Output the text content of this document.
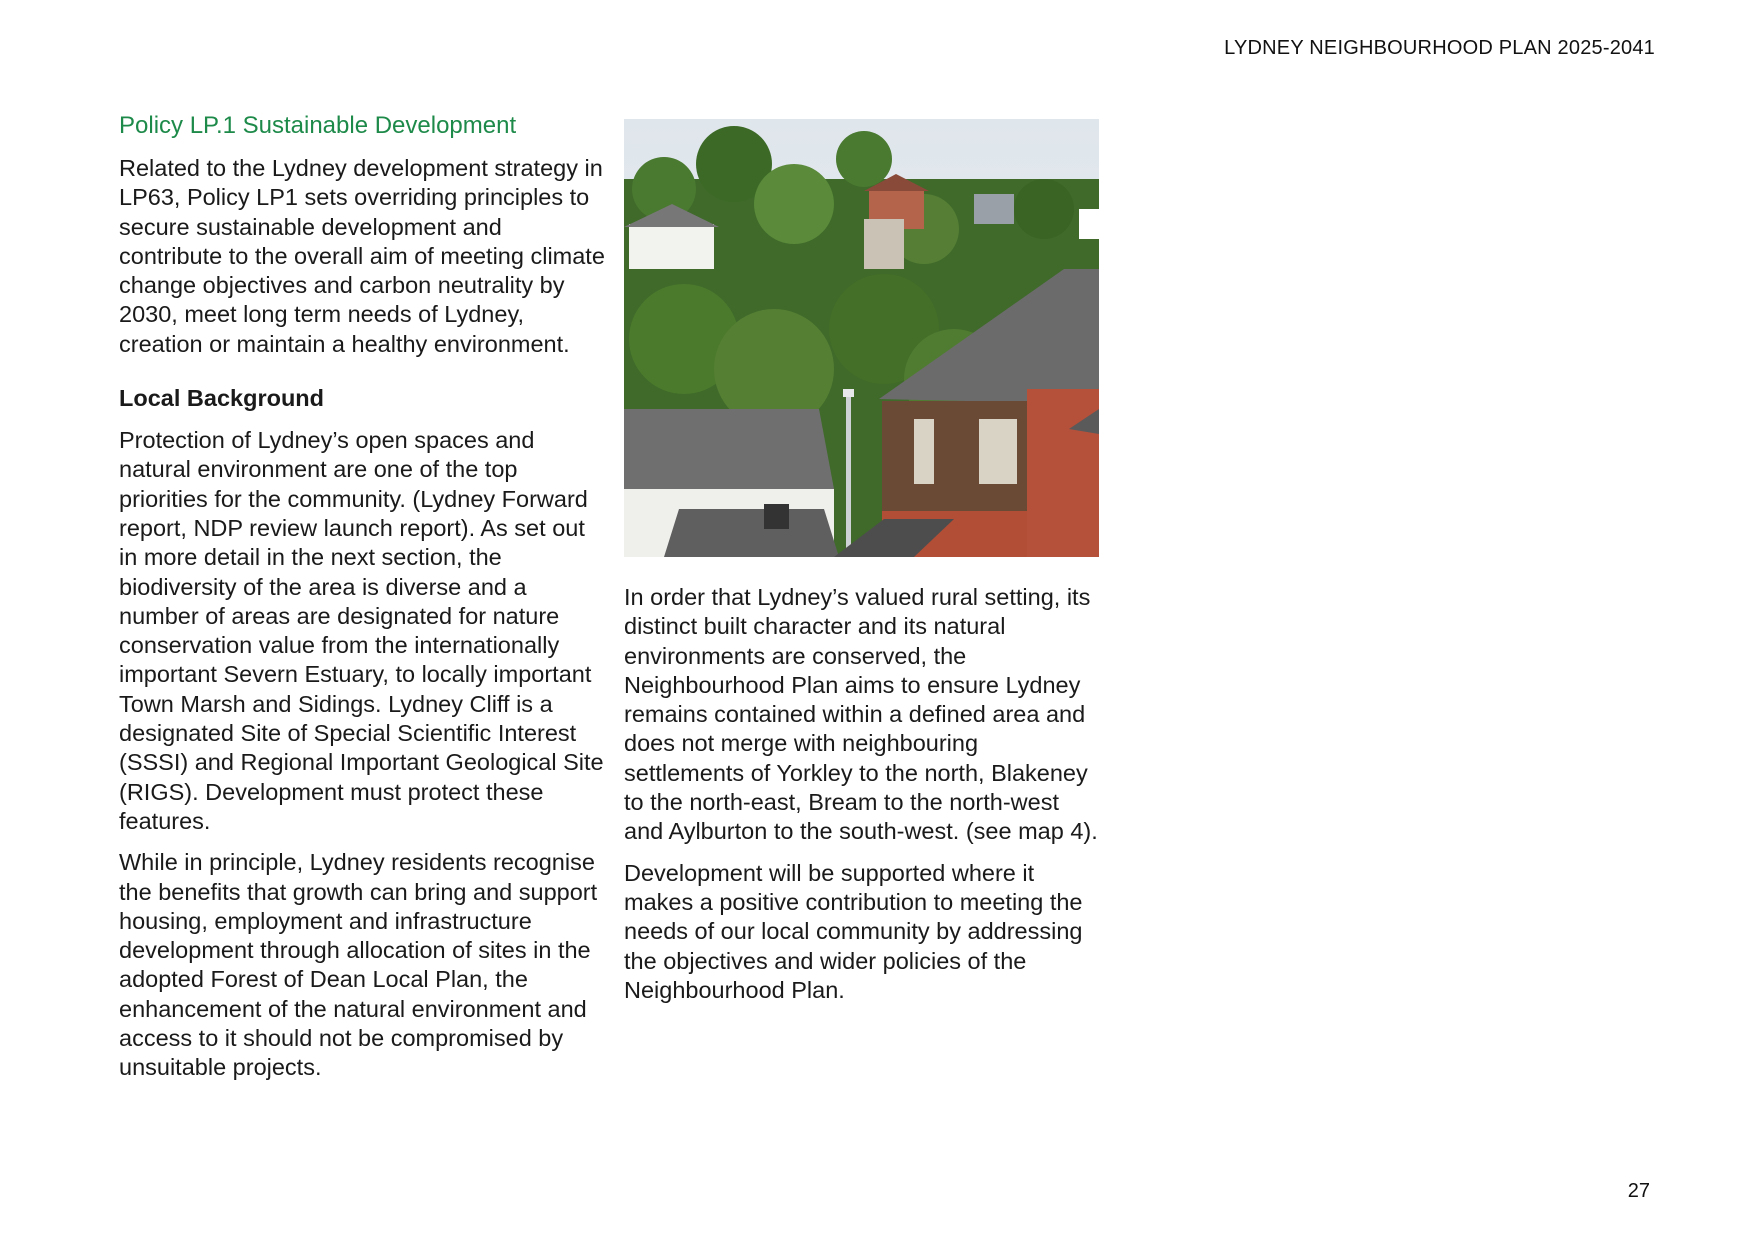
LYDNEY NEIGHBOURHOOD PLAN 2025-2041
Policy LP.1 Sustainable Development

Related to the Lydney development strategy in LP63, Policy LP1 sets overriding principles to secure sustainable development and contribute to the overall aim of meeting climate change objectives and carbon neutrality by 2030, meet long term needs of Lydney, creation or maintain a healthy environment.

Local Background

Protection of Lydney’s open spaces and natural environment are one of the top priorities for the community. (Lydney Forward report, NDP review launch report). As set out in more detail in the next section, the biodiversity of the area is diverse and a number of areas are designated for nature conservation value from the internationally important Severn Estuary, to locally important Town Marsh and Sidings. Lydney Cliff is a designated Site of Special Scientific Interest (SSSI) and Regional Important Geological Site (RIGS). Development must protect these features.

While in principle, Lydney residents recognise the benefits that growth can bring and support housing, employment and infrastructure development through allocation of sites in the adopted Forest of Dean Local Plan, the enhancement of the natural environment and access to it should not be compromised by unsuitable projects.

In order that Lydney’s valued rural setting, its distinct built character and its natural environments are conserved, the Neighbourhood Plan aims to ensure Lydney remains contained within a defined area and does not merge with neighbouring settlements of Yorkley to the north, Blakeney to the north-east, Bream to the north-west and Aylburton to the south-west. (see map 4).

Development will be supported where it makes a positive contribution to meeting the needs of our local community by addressing the objectives and wider policies of the Neighbourhood Plan.

27
